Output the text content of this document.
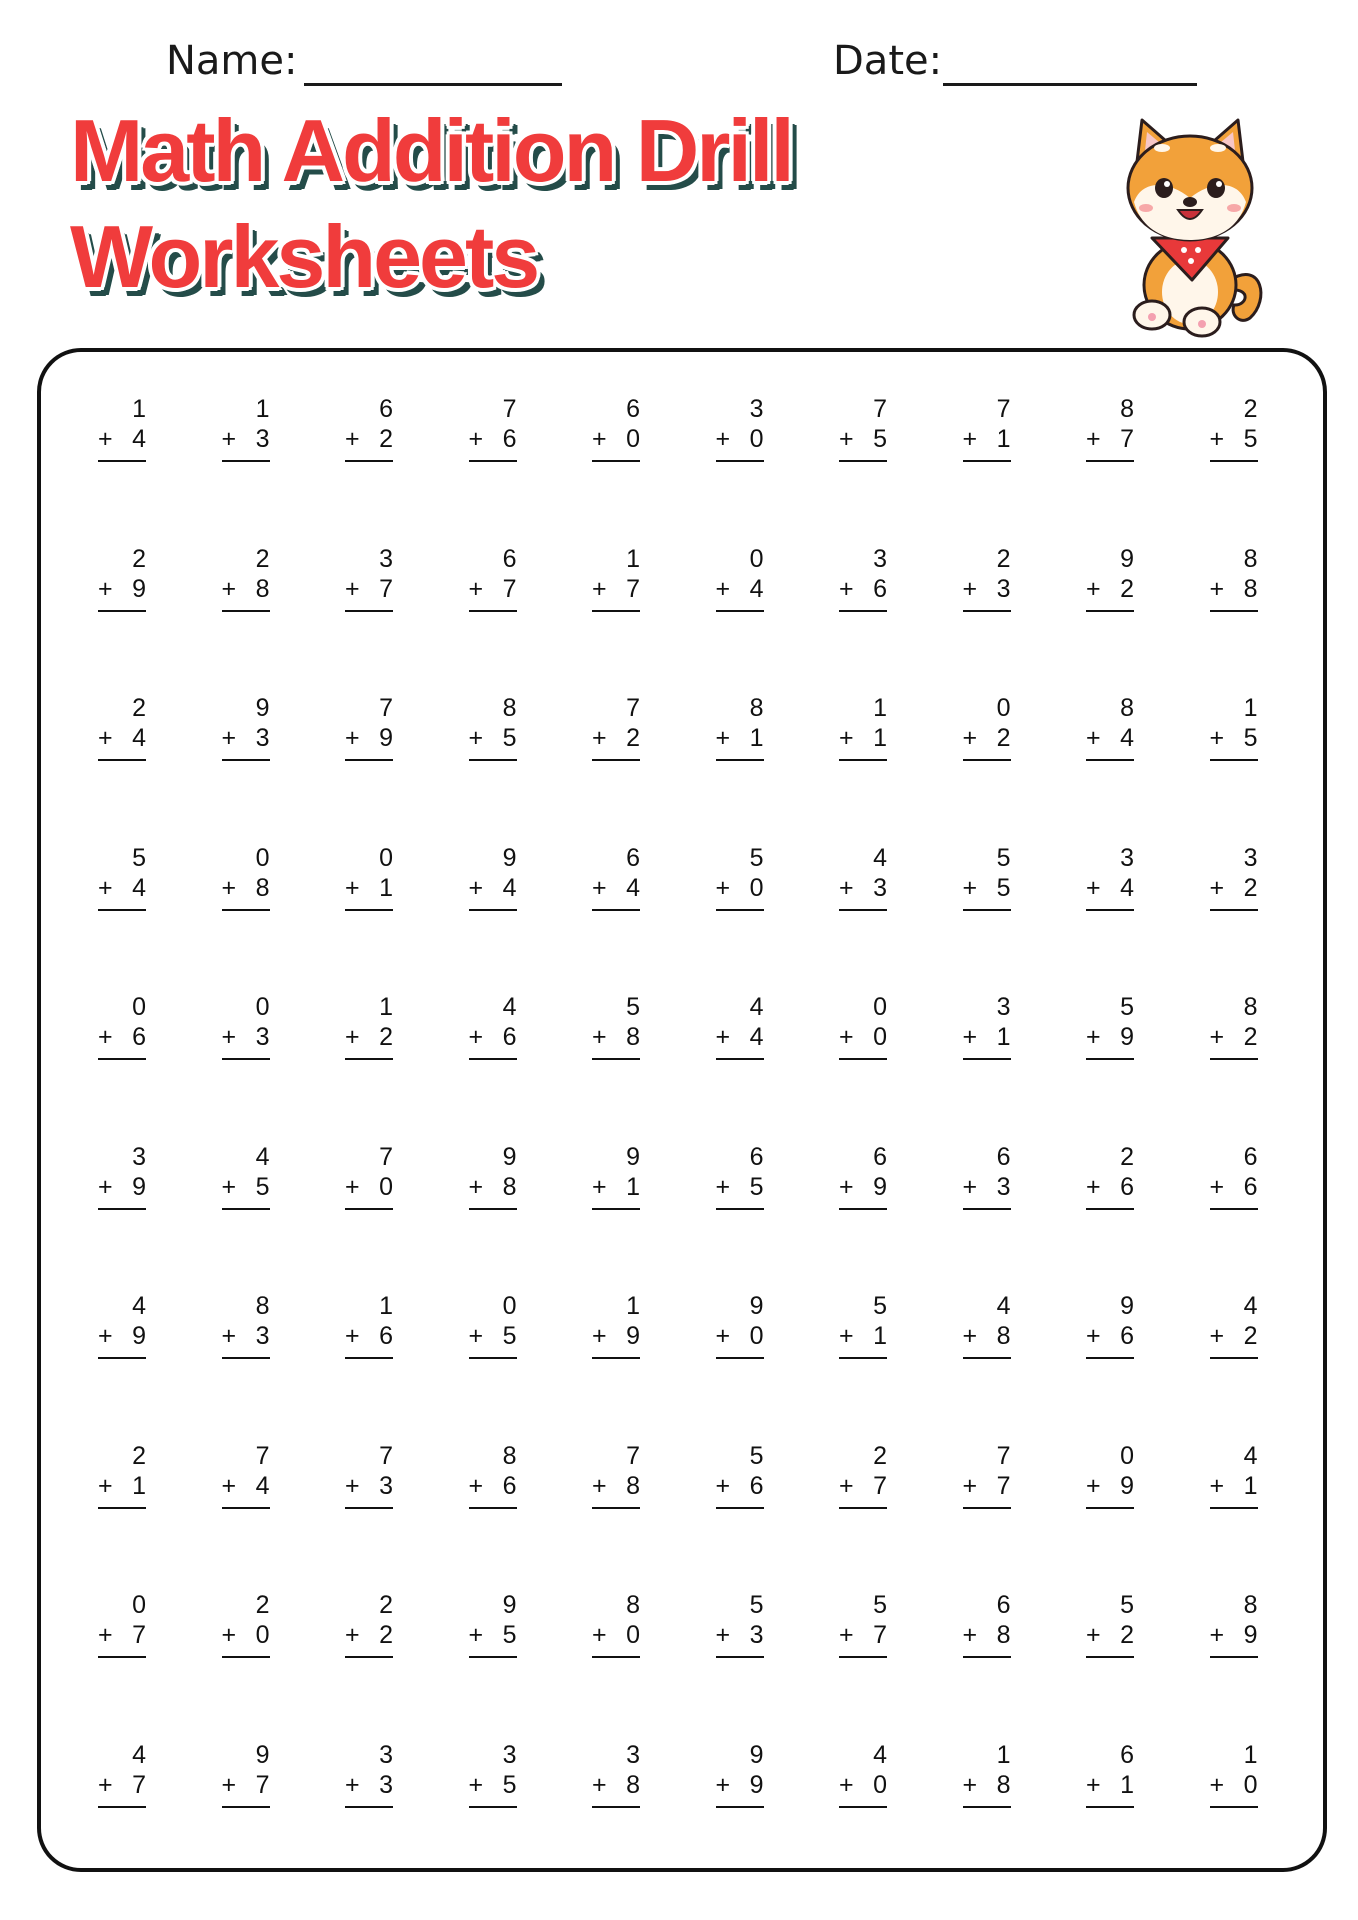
Name:	Date:
Math Addition Drill
Worksheets
1
+ 4
1
+ 3
6
+ 2
7
+ 6
6
+ 0
3
+ 0
7
+ 5
7
+ 1
8
+ 7
2
+ 5
2
+ 9
2
+ 8
3
+ 7
6
+ 7
1
+ 7
0
+ 4
3
+ 6
2
+ 3
9
+ 2
8
+ 8
2
+ 4
9
+ 3
7
+ 9
8
+ 5
7
+ 2
8
+ 1
1
+ 1
0
+ 2
8
+ 4
1
+ 5
5
+ 4
0
+ 8
0
+ 1
9
+ 4
6
+ 4
5
+ 0
4
+ 3
5
+ 5
3
+ 4
3
+ 2
0
+ 6
0
+ 3
1
+ 2
4
+ 6
5
+ 8
4
+ 4
0
+ 0
3
+ 1
5
+ 9
8
+ 2
3
+ 9
4
+ 5
7
+ 0
9
+ 8
9
+ 1
6
+ 5
6
+ 9
6
+ 3
2
+ 6
6
+ 6
4
+ 9
8
+ 3
1
+ 6
0
+ 5
1
+ 9
9
+ 0
5
+ 1
4
+ 8
9
+ 6
4
+ 2
2
+ 1
7
+ 4
7
+ 3
8
+ 6
7
+ 8
5
+ 6
2
+ 7
7
+ 7
0
+ 9
4
+ 1
0
+ 7
2
+ 0
2
+ 2
9
+ 5
8
+ 0
5
+ 3
5
+ 7
6
+ 8
5
+ 2
8
+ 9
4
+ 7
9
+ 7
3
+ 3
3
+ 5
3
+ 8
9
+ 9
4
+ 0
1
+ 8
6
+ 1
1
+ 0
